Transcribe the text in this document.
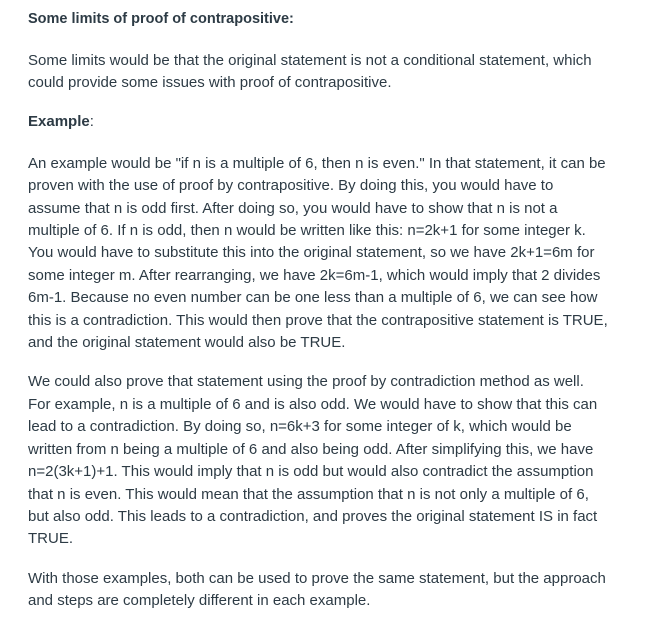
Some limits of proof of contrapositive:

Some limits would be that the original statement is not a conditional statement, which could provide some issues with proof of contrapositive.

Example:

An example would be "if n is a multiple of 6, then n is even." In that statement, it can be proven with the use of proof by contrapositive. By doing this, you would have to assume that n is odd first. After doing so, you would have to show that n is not a multiple of 6. If n is odd, then n would be written like this: n=2k+1 for some integer k. You would have to substitute this into the original statement, so we have 2k+1=6m for some integer m. After rearranging, we have 2k=6m-1, which would imply that 2 divides 6m-1. Because no even number can be one less than a multiple of 6, we can see how this is a contradiction. This would then prove that the contrapositive statement is TRUE, and the original statement would also be TRUE.

We could also prove that statement using the proof by contradiction method as well. For example, n is a multiple of 6 and is also odd. We would have to show that this can lead to a contradiction. By doing so, n=6k+3 for some integer of k, which would be written from n being a multiple of 6 and also being odd. After simplifying this, we have n=2(3k+1)+1. This would imply that n is odd but would also contradict the assumption that n is even. This would mean that the assumption that n is not only a multiple of 6, but also odd. This leads to a contradiction, and proves the original statement IS in fact TRUE.

With those examples, both can be used to prove the same statement, but the approach and steps are completely different in each example.
